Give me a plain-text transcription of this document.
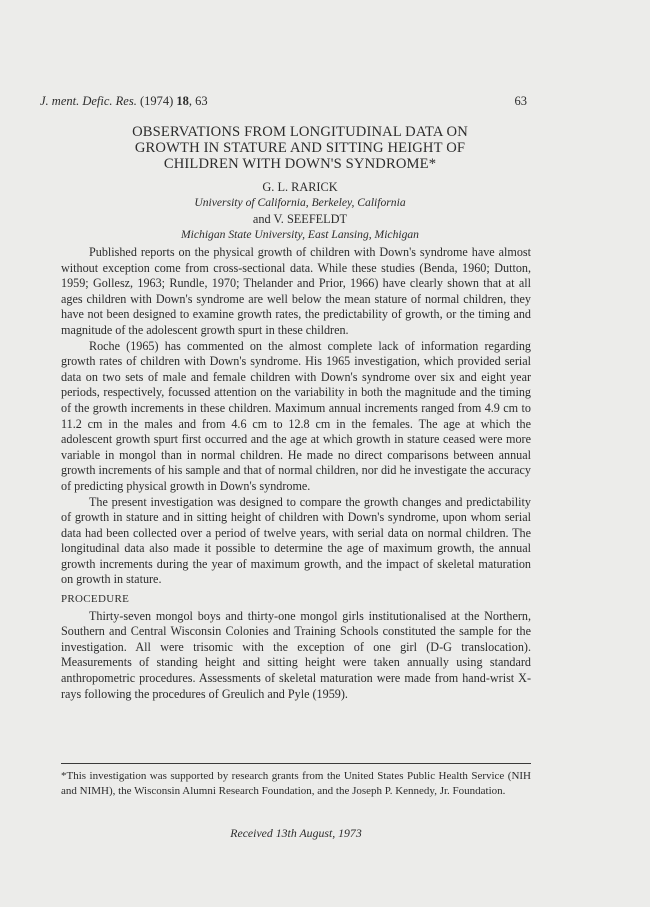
J. ment. Defic. Res. (1974) 18, 63	63
OBSERVATIONS FROM LONGITUDINAL DATA ON
GROWTH IN STATURE AND SITTING HEIGHT OF
CHILDREN WITH DOWN'S SYNDROME*
G. L. RARICK
University of California, Berkeley, California
and V. SEEFELDT
Michigan State University, East Lansing, Michigan

Published reports on the physical growth of children with Down's syndrome have almost without exception come from cross-sectional data. While these studies (Benda, 1960; Dutton, 1959; Gollesz, 1963; Rundle, 1970; Thelander and Prior, 1966) have clearly shown that at all ages children with Down's syndrome are well below the mean stature of normal children, they have not been designed to examine growth rates, the predictability of growth, or the timing and magnitude of the adolescent growth spurt in these children.

Roche (1965) has commented on the almost complete lack of information regarding growth rates of children with Down's syndrome. His 1965 investigation, which provided serial data on two sets of male and female children with Down's syndrome over six and eight year periods, respectively, focussed attention on the variability in both the magnitude and the timing of the growth increments in these children. Maximum annual increments ranged from 4.9 cm to 11.2 cm in the males and from 4.6 cm to 12.8 cm in the females. The age at which the adolescent growth spurt first occurred and the age at which growth in stature ceased were more variable in mongol than in normal children. He made no direct comparisons between annual growth increments of his sample and that of normal children, nor did he investigate the accuracy of predicting physical growth in Down's syndrome.

The present investigation was designed to compare the growth changes and predictability of growth in stature and in sitting height of children with Down's syndrome, upon whom serial data had been collected over a period of twelve years, with serial data on normal children. The longitudinal data also made it possible to determine the age of maximum growth, the annual growth increments during the year of maximum growth, and the impact of skeletal maturation on growth in stature.

PROCEDURE

Thirty-seven mongol boys and thirty-one mongol girls institutionalised at the Northern, Southern and Central Wisconsin Colonies and Training Schools constituted the sample for the investigation. All were trisomic with the exception of one girl (D-G translocation). Measurements of standing height and sitting height were taken annually using standard anthropometric procedures. Assessments of skeletal maturation were made from hand-wrist X-rays following the procedures of Greulich and Pyle (1959).

*This investigation was supported by research grants from the United States Public Health Service (NIH and NIMH), the Wisconsin Alumni Research Foundation, and the Joseph P. Kennedy, Jr. Foundation.
Received 13th August, 1973
